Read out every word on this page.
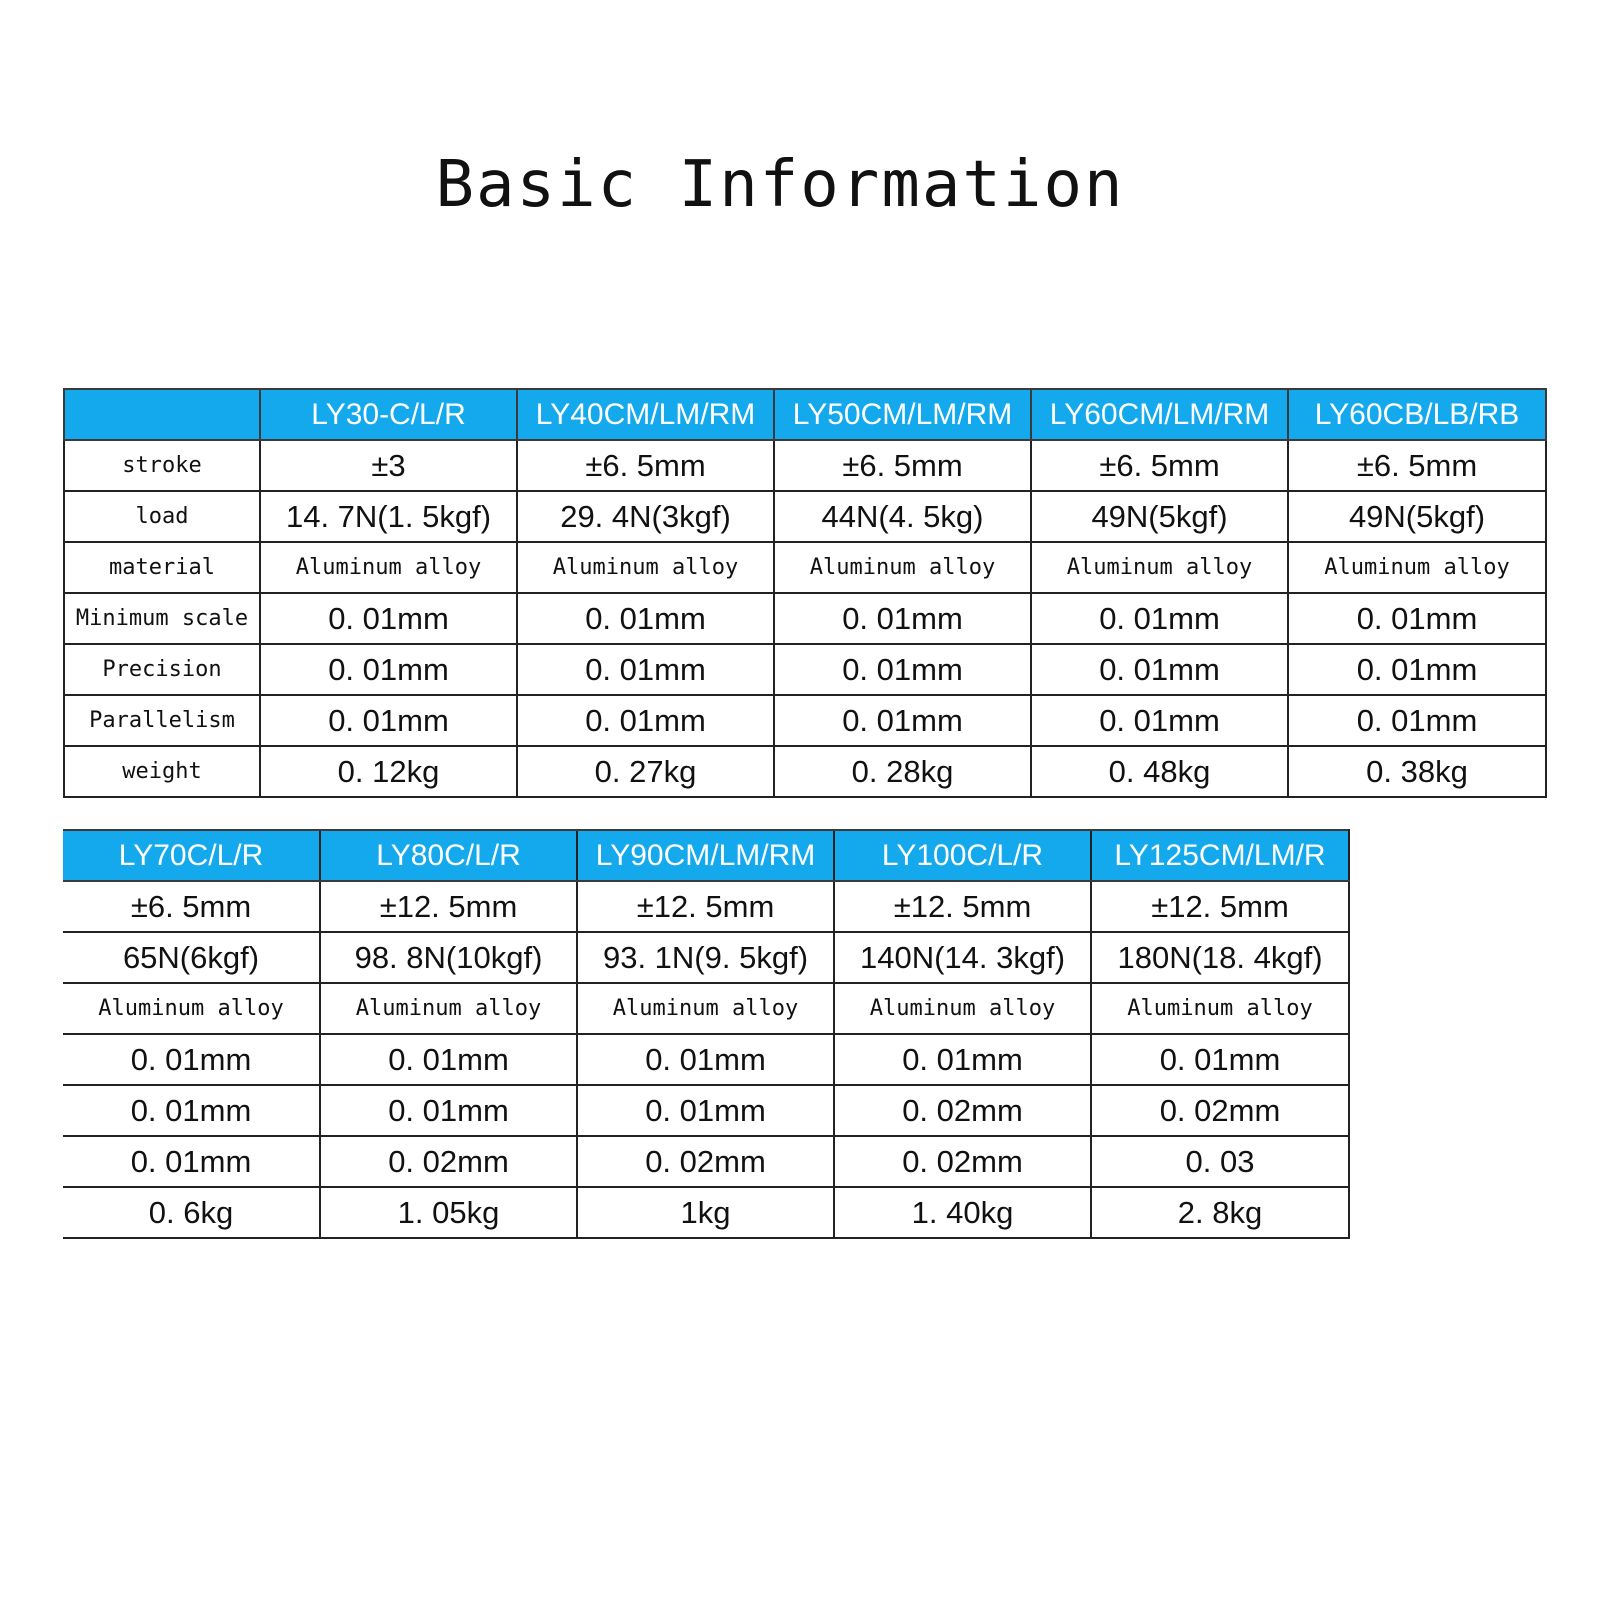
Basic Information
	LY30-C/L/R	LY40CM/LM/RM	LY50CM/LM/RM	LY60CM/LM/RM	LY60CB/LB/RB
stroke	±3	±6. 5mm	±6. 5mm	±6. 5mm	±6. 5mm
load	14. 7N(1. 5kgf)	29. 4N(3kgf)	44N(4. 5kg)	49N(5kgf)	49N(5kgf)
material	Aluminum alloy	Aluminum alloy	Aluminum alloy	Aluminum alloy	Aluminum alloy
Minimum scale	0. 01mm	0. 01mm	0. 01mm	0. 01mm	0. 01mm
Precision	0. 01mm	0. 01mm	0. 01mm	0. 01mm	0. 01mm
Parallelism	0. 01mm	0. 01mm	0. 01mm	0. 01mm	0. 01mm
weight	0. 12kg	0. 27kg	0. 28kg	0. 48kg	0. 38kg
LY70C/L/R	LY80C/L/R	LY90CM/LM/RM	LY100C/L/R	LY125CM/LM/R
±6. 5mm	±12. 5mm	±12. 5mm	±12. 5mm	±12. 5mm
65N(6kgf)	98. 8N(10kgf)	93. 1N(9. 5kgf)	140N(14. 3kgf)	180N(18. 4kgf)
Aluminum alloy	Aluminum alloy	Aluminum alloy	Aluminum alloy	Aluminum alloy
0. 01mm	0. 01mm	0. 01mm	0. 01mm	0. 01mm
0. 01mm	0. 01mm	0. 01mm	0. 02mm	0. 02mm
0. 01mm	0. 02mm	0. 02mm	0. 02mm	0. 03
0. 6kg	1. 05kg	1kg	1. 40kg	2. 8kg
